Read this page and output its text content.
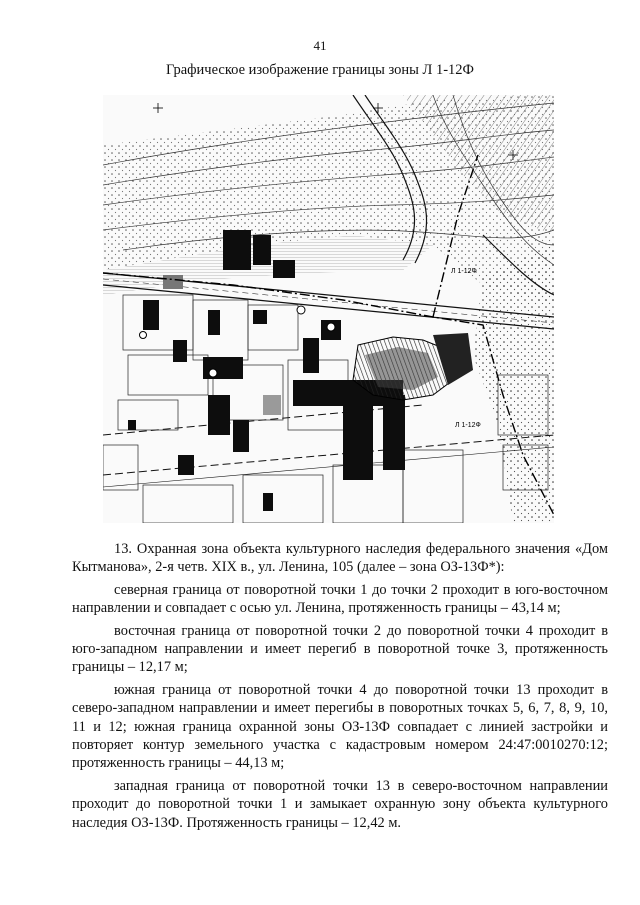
41
Графическое изображение границы зоны Л 1-12Ф
Л 1-12Ф
Л 1-12Ф

13. Охранная зона объекта культурного наследия федерального значения «Дом Кытманова», 2-я четв. XIX в., ул. Ленина, 105 (далее – зона ОЗ-13Ф*):

северная граница от поворотной точки 1 до точки 2 проходит в юго-восточном направлении и совпадает с осью ул. Ленина, протяженность границы – 43,14 м;

восточная граница от поворотной точки 2 до поворотной точки 4 проходит в юго-западном направлении и имеет перегиб в поворотной точке 3, протяженность границы – 12,17 м;

южная граница от поворотной точки 4 до поворотной точки 13 проходит в северо-западном направлении и имеет перегибы в поворотных точках 5, 6, 7, 8, 9, 10, 11 и 12; южная граница охранной зоны ОЗ-13Ф совпадает с линией застройки и повторяет контур земельного участка с кадастровым номером 24:47:0010270:12; протяженность границы – 44,13 м;

западная граница от поворотной точки 13 в северо-восточном направлении проходит до поворотной точки 1 и замыкает охранную зону объекта культурного наследия ОЗ-13Ф. Протяженность границы – 12,42 м.
